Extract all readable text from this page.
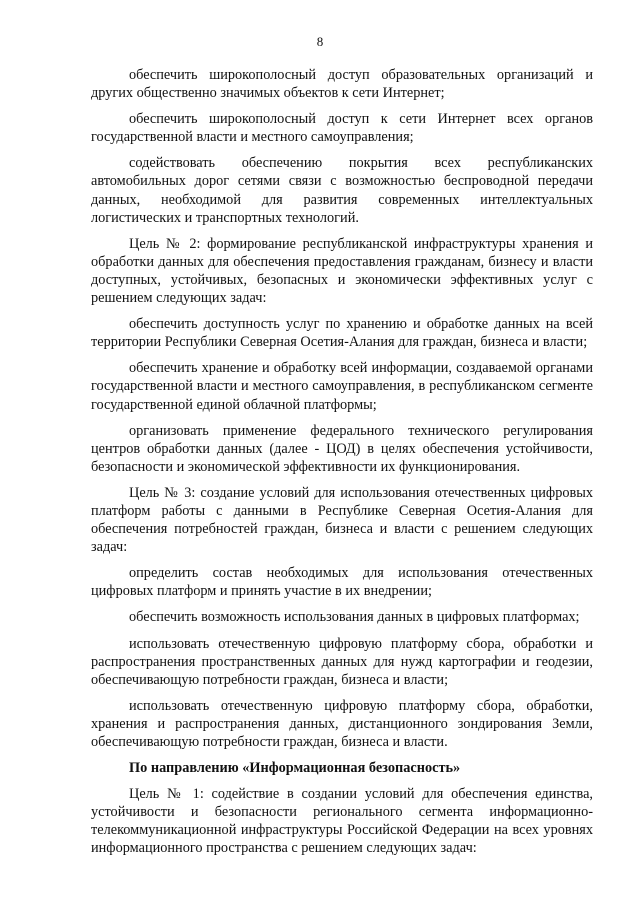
8

обеспечить широкополосный доступ образовательных организаций и других общественно значимых объектов к сети Интернет;

обеспечить широкополосный доступ к сети Интернет всех органов государственной власти и местного самоуправления;

содействовать обеспечению покрытия всех республиканских автомобильных дорог сетями связи с возможностью беспроводной передачи данных, необходимой для развития современных интеллектуальных логистических и транспортных технологий.

Цель № 2: формирование республиканской инфраструктуры хранения и обработки данных для обеспечения предоставления гражданам, бизнесу и власти доступных, устойчивых, безопасных и экономически эффективных услуг с решением следующих задач:

обеспечить доступность услуг по хранению и обработке данных на всей территории Республики Северная Осетия-Алания для граждан, бизнеса и власти;

обеспечить хранение и обработку всей информации, создаваемой органами государственной власти и местного самоуправления, в республиканском сегменте государственной единой облачной платформы;

организовать применение федерального технического регулирования центров обработки данных (далее - ЦОД) в целях обеспечения устойчивости, безопасности и экономической эффективности их функционирования.

Цель № 3: создание условий для использования отечественных цифровых платформ работы с данными в Республике Северная Осетия-Алания для обеспечения потребностей граждан, бизнеса и власти с решением следующих задач:

определить состав необходимых для использования отечественных цифровых платформ и принять участие в их внедрении;

обеспечить возможность использования данных в цифровых платформах;

использовать отечественную цифровую платформу сбора, обработки и распространения пространственных данных для нужд картографии и геодезии, обеспечивающую потребности граждан, бизнеса и власти;

использовать отечественную цифровую платформу сбора, обработки, хранения и распространения данных, дистанционного зондирования Земли, обеспечивающую потребности граждан, бизнеса и власти.

По направлению «Информационная безопасность»

Цель № 1: содействие в создании условий для обеспечения единства, устойчивости и безопасности регионального сегмента информационно-телекоммуникационной инфраструктуры Российской Федерации на всех уровнях информационного пространства с решением следующих задач:
